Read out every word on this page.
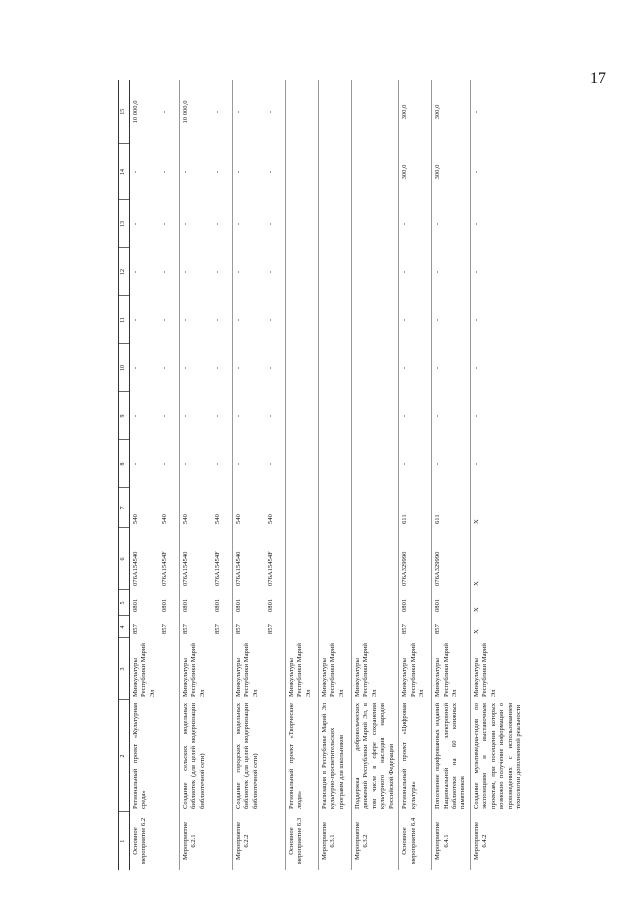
17
1	2	3	4	5	6	7	8	9	10	11	12	13	14	15
Основное мероприятие 6.2	Региональный проект «Культурная среда»	Минкультуры Республики Марий Эл	857	0801	076A154540	540	-	-	-	-	-	-	-	10 000,0
			857	0801	076A15454F	540	-	-	-	-	-	-	-	-
Мероприятие 6.2.1	Создание сельских модельных библиотек (для целей модернизации библиотечной сети)	Минкультуры Республики Марий Эл	857	0801	076A154540	540	-	-	-	-	-	-	-	10 000,0
			857	0801	076A15454F	540	-	-	-	-	-	-	-	-
Мероприятие 6.2.2	Создание городских модельных библиотек (для целей модернизации библиотечной сети)	Минкультуры Республики Марий Эл	857	0801	076A154540	540	-	-	-	-	-	-	-	-
			857	0801	076A15454F	540	-	-	-	-	-	-	-	-
Основное мероприятие 6.3	Региональный проект «Творческие люди»	Минкультуры Республики Марий Эл												
Мероприятие 6.3.1	Реализация в Республике Марий Эл культурно-просветительских программ для школьников	Минкультуры Республики Марий Эл												
Мероприятие 6.3.2	Поддержка добровольческих движений Республики Марий Эл, в том числе в сфере сохранения культурного наследия народов Российской Федерации	Минкультуры Республики Марий Эл												
Основное мероприятие 6.4	Региональный проект «Цифровая культура»	Минкультуры Республики Марий Эл	857	0801	076A329990	611	-	-	-	-	-	-	300,0	300,0
Мероприятие 6.4.1	Пополнение оцифрованных изданий Национальной электронной библиотеки на 60 книжных памятников	Минкультуры Республики Марий Эл	857	0801	076A329990	611	-	-	-	-	-	-	300,0	300,0
Мероприятие 6.4.2	Создание мультимедиа-гидов по экспозициям и выставочным проектам, при посещении которых возможно получение информации о произведениях с использованием технологии дополненной реальности	Минкультуры Республики Марий Эл	X	X	X	X	-	-	-	-	-	-	-	-
